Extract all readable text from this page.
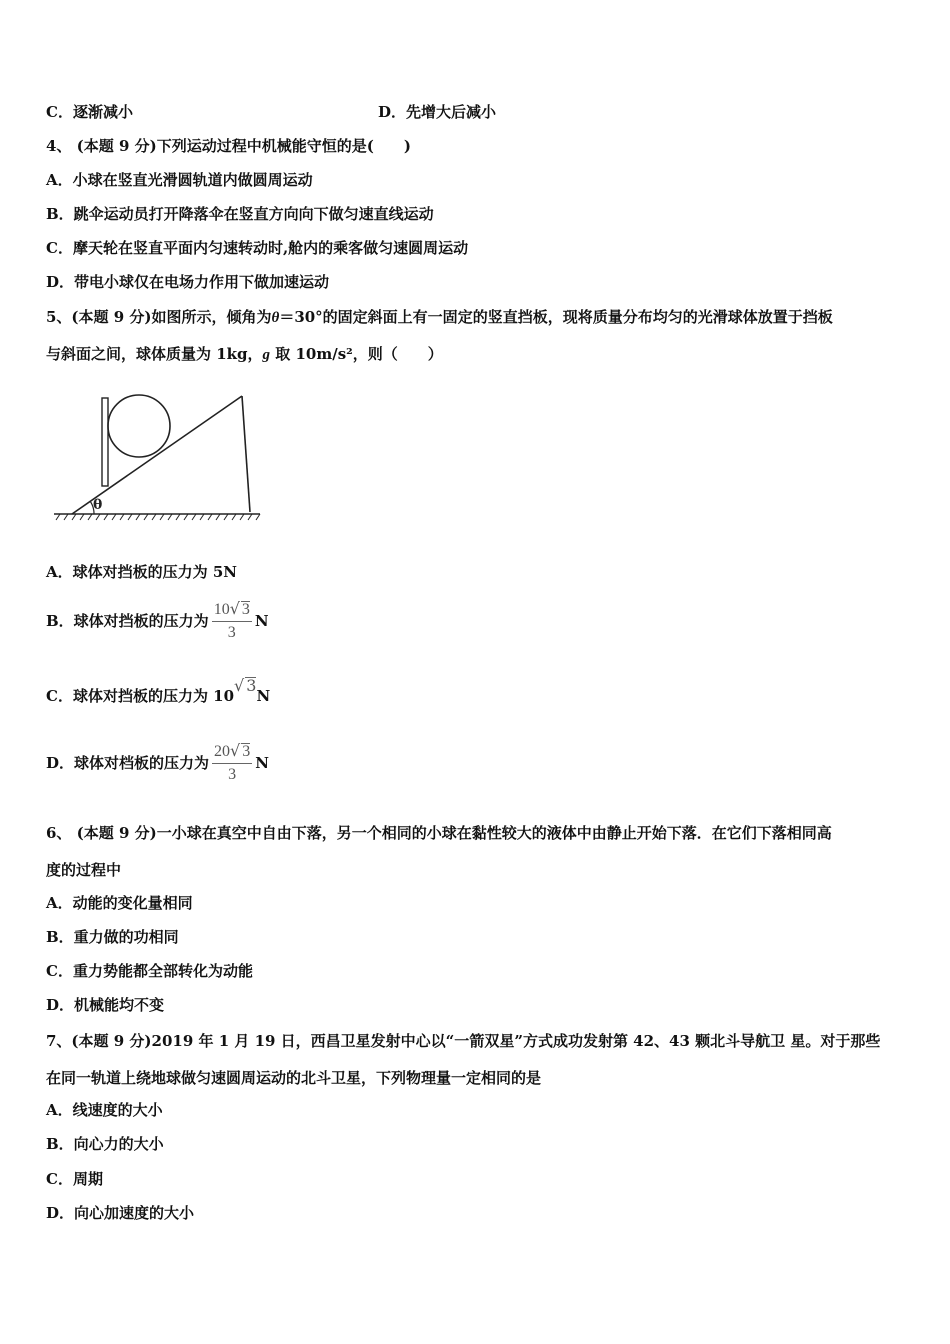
C．逐渐减小	D．先增大后减小
4、 (本题 9 分)下列运动过程中机械能守恒的是(　　)
A．小球在竖直光滑圆轨道内做圆周运动
B．跳伞运动员打开降落伞在竖直方向向下做匀速直线运动
C．摩天轮在竖直平面内匀速转动时,舱内的乘客做匀速圆周运动
D．带电小球仅在电场力作用下做加速运动
5、(本题 9 分)如图所示，倾角为θ＝30°的固定斜面上有一固定的竖直挡板，现将质量分布均匀的光滑球体放置于挡板
与斜面之间，球体质量为 1kg，g 取 10m/s²，则（　　）
θ
A．球体对挡板的压力为 5N
B．球体对挡板的压力为 $\frac{10√ 3}{3}$ N
C．球体对挡板的压力为 10√ 3N
D．球体对档板的压力为 $\frac{20√ 3}{3}$ N
6、 (本题 9 分)一小球在真空中自由下落，另一个相同的小球在黏性较大的液体中由静止开始下落．在它们下落相同高
度的过程中
A．动能的变化量相同
B．重力做的功相同
C．重力势能都全部转化为动能
D．机械能均不变
7、(本题 9 分)2019 年 1 月 19 日，西昌卫星发射中心以“一箭双星”方式成功发射第 42、43 颗北斗导航卫 星。对于那些
在同一轨道上绕地球做匀速圆周运动的北斗卫星，下列物理量一定相同的是
A．线速度的大小
B．向心力的大小
C．周期
D．向心加速度的大小
